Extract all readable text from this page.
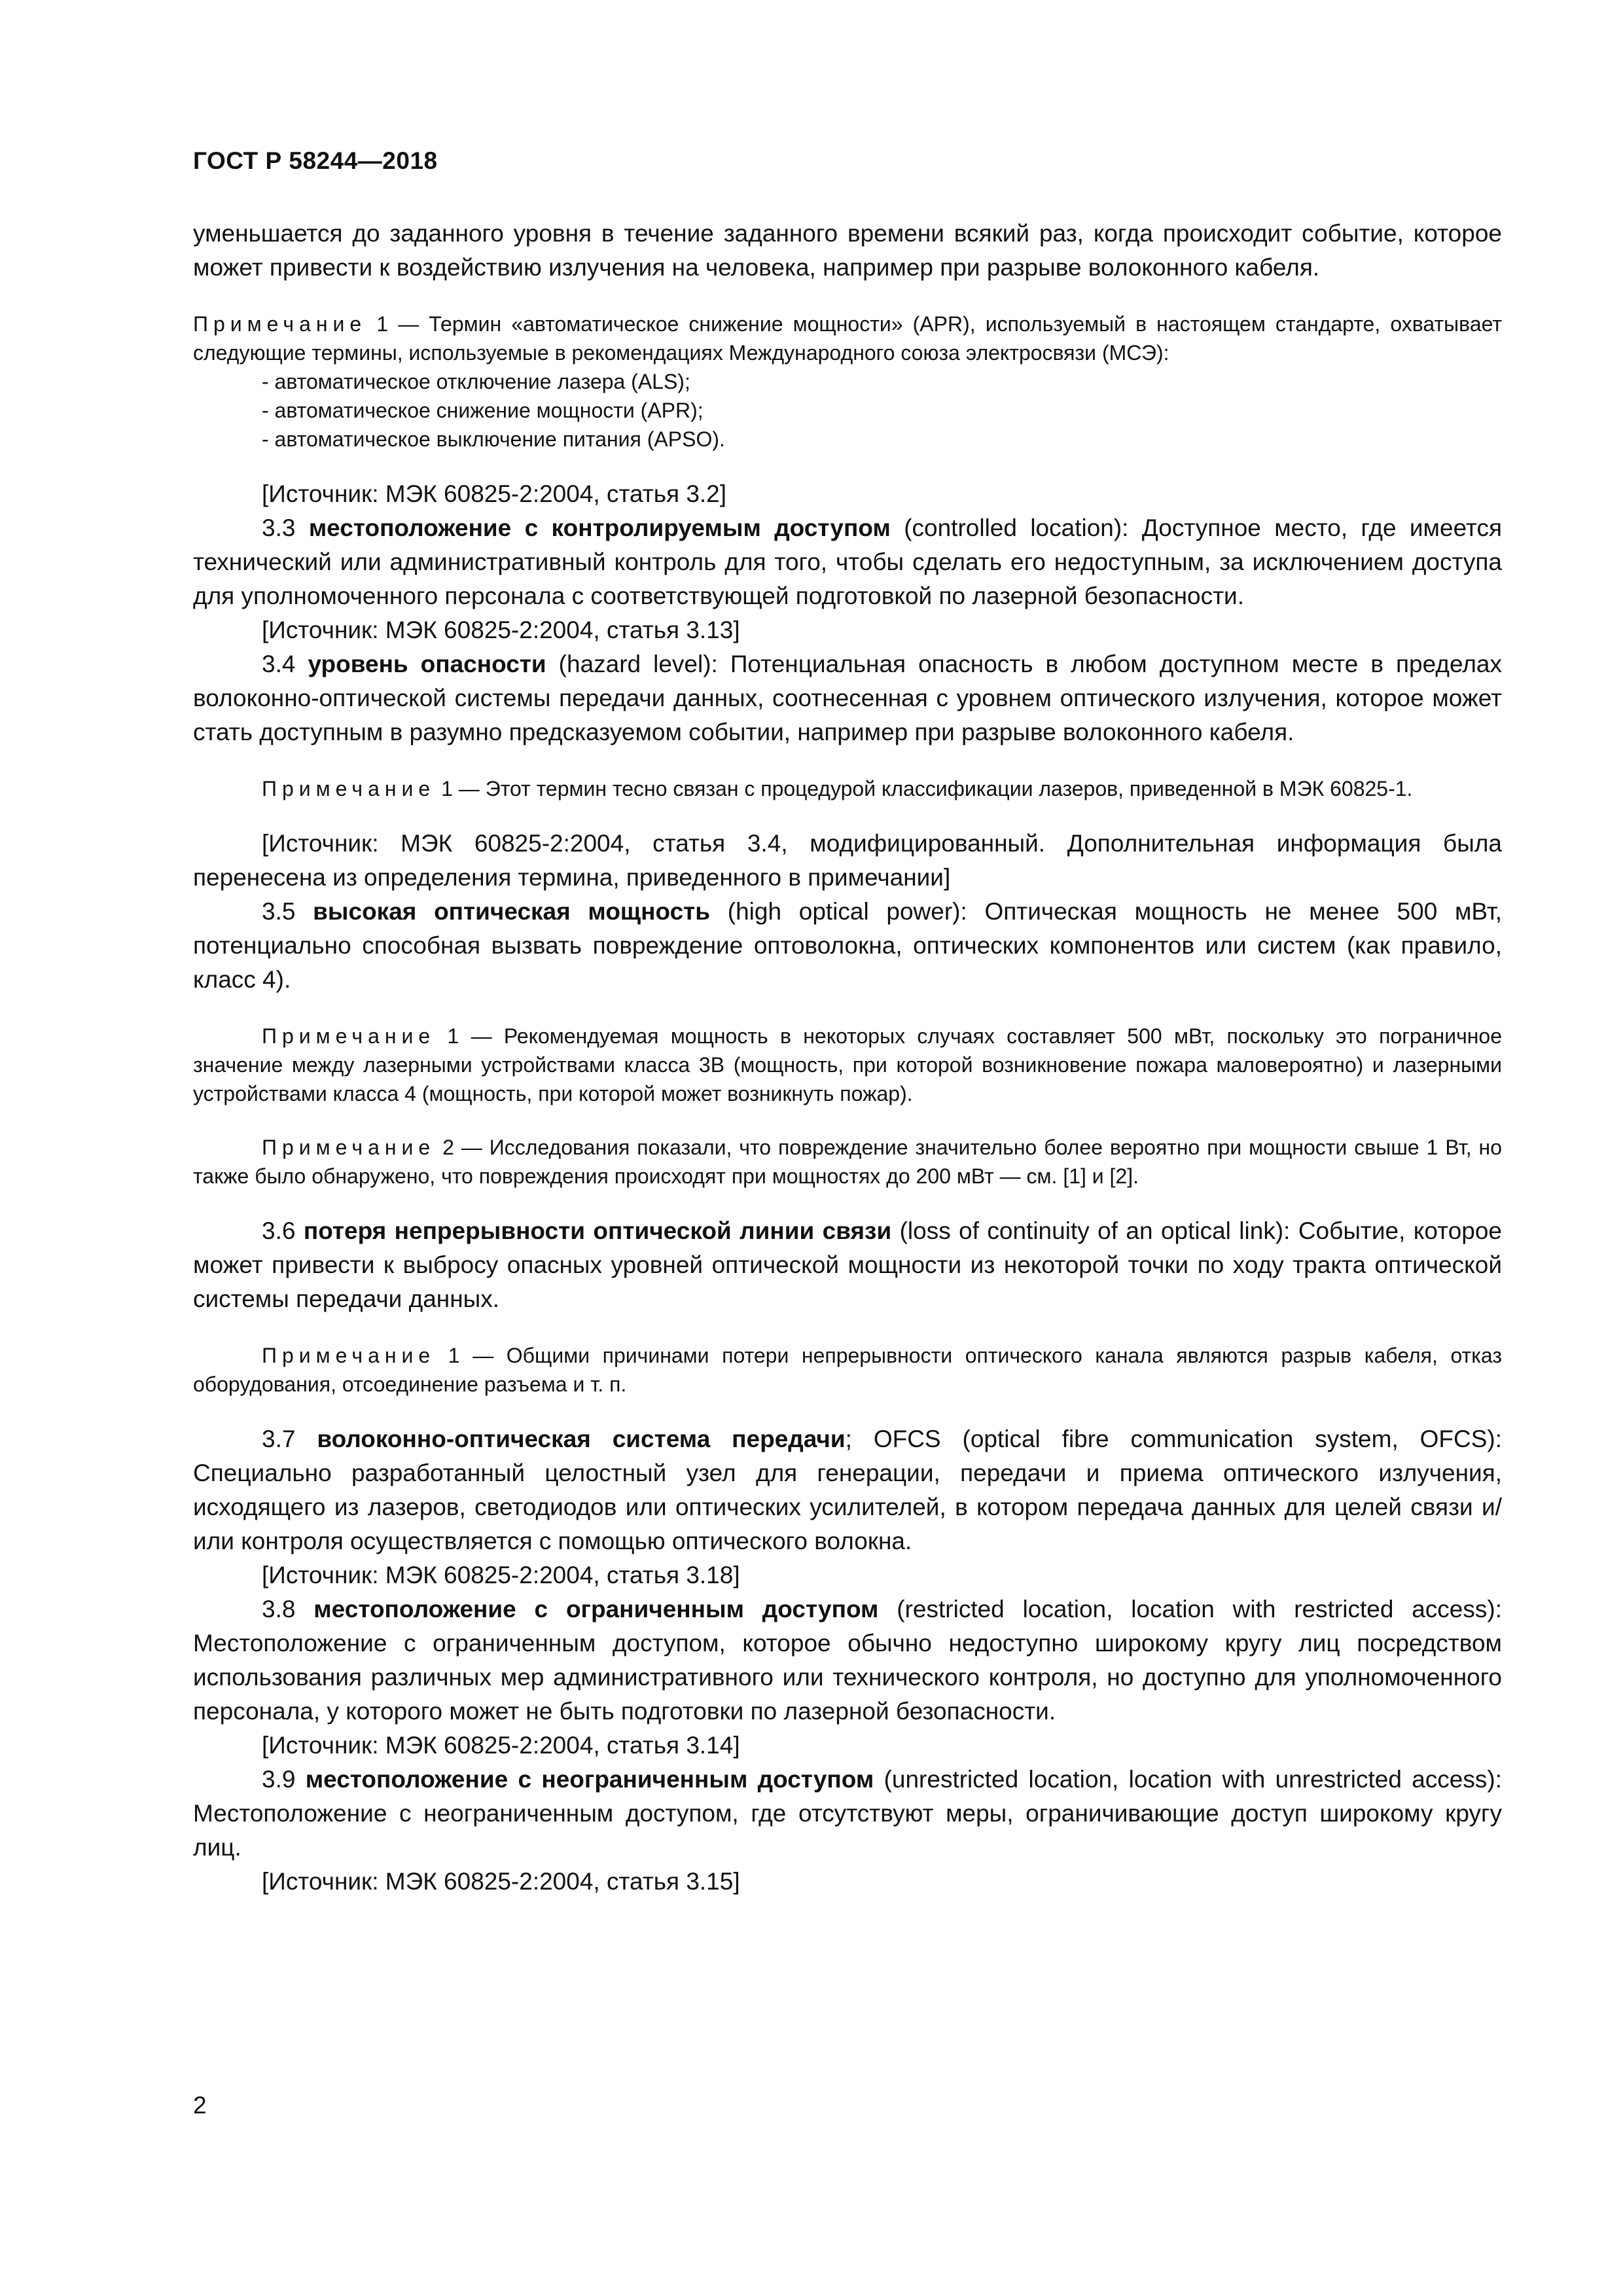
ГОСТ Р 58244—2018

уменьшается до заданного уровня в течение заданного времени всякий раз, когда происходит событие, которое может привести к воздействию излучения на человека, например при разрыве волоконного кабеля.

Примечание 1 — Термин «автоматическое снижение мощности» (APR), используемый в настоящем стандарте, охватывает следующие термины, используемые в рекомендациях Международного союза электросвязи (МСЭ):
- автоматическое отключение лазера (ALS);
- автоматическое снижение мощности (APR);
- автоматическое выключение питания (APSO).

[Источник: МЭК 60825-2:2004, статья 3.2]

3.3 местоположение с контролируемым доступом (controlled location): Доступное место, где имеется технический или административный контроль для того, чтобы сделать его недоступным, за исключением доступа для уполномоченного персонала с соответствующей подготовкой по лазерной безопасности.

[Источник: МЭК 60825-2:2004, статья 3.13]

3.4 уровень опасности (hazard level): Потенциальная опасность в любом доступном месте в пределах волоконно-оптической системы передачи данных, соотнесенная с уровнем оптического излучения, которое может стать доступным в разумно предсказуемом событии, например при разрыве волоконного кабеля.

Примечание 1 — Этот термин тесно связан с процедурой классификации лазеров, приведенной в МЭК 60825-1.

[Источник: МЭК 60825-2:2004, статья 3.4, модифицированный. Дополнительная информация была перенесена из определения термина, приведенного в примечании]

3.5 высокая оптическая мощность (high optical power): Оптическая мощность не менее 500 мВт, потенциально способная вызвать повреждение оптоволокна, оптических компонентов или систем (как правило, класс 4).

Примечание 1 — Рекомендуемая мощность в некоторых случаях составляет 500 мВт, поскольку это пограничное значение между лазерными устройствами класса 3В (мощность, при которой возникновение пожара маловероятно) и лазерными устройствами класса 4 (мощность, при которой может возникнуть пожар).
Примечание 2 — Исследования показали, что повреждение значительно более вероятно при мощности свыше 1 Вт, но также было обнаружено, что повреждения происходят при мощностях до 200 мВт — см. [1] и [2].

3.6 потеря непрерывности оптической линии связи (loss of continuity of an optical link): Событие, которое может привести к выбросу опасных уровней оптической мощности из некоторой точки по ходу тракта оптической системы передачи данных.

Примечание 1 — Общими причинами потери непрерывности оптического канала являются разрыв кабеля, отказ оборудования, отсоединение разъема и т. п.

3.7 волоконно-оптическая система передачи; OFCS (optical fibre communication system, OFCS): Специально разработанный целостный узел для генерации, передачи и приема оптического излучения, исходящего из лазеров, светодиодов или оптических усилителей, в котором передача данных для целей связи и/или контроля осуществляется с помощью оптического волокна.

[Источник: МЭК 60825-2:2004, статья 3.18]

3.8 местоположение с ограниченным доступом (restricted location, location with restricted access): Местоположение с ограниченным доступом, которое обычно недоступно широкому кругу лиц посредством использования различных мер административного или технического контроля, но доступно для уполномоченного персонала, у которого может не быть подготовки по лазерной безопасности.

[Источник: МЭК 60825-2:2004, статья 3.14]

3.9 местоположение с неограниченным доступом (unrestricted location, location with unrestricted access): Местоположение с неограниченным доступом, где отсутствуют меры, ограничивающие доступ широкому кругу лиц.

[Источник: МЭК 60825-2:2004, статья 3.15]

2
